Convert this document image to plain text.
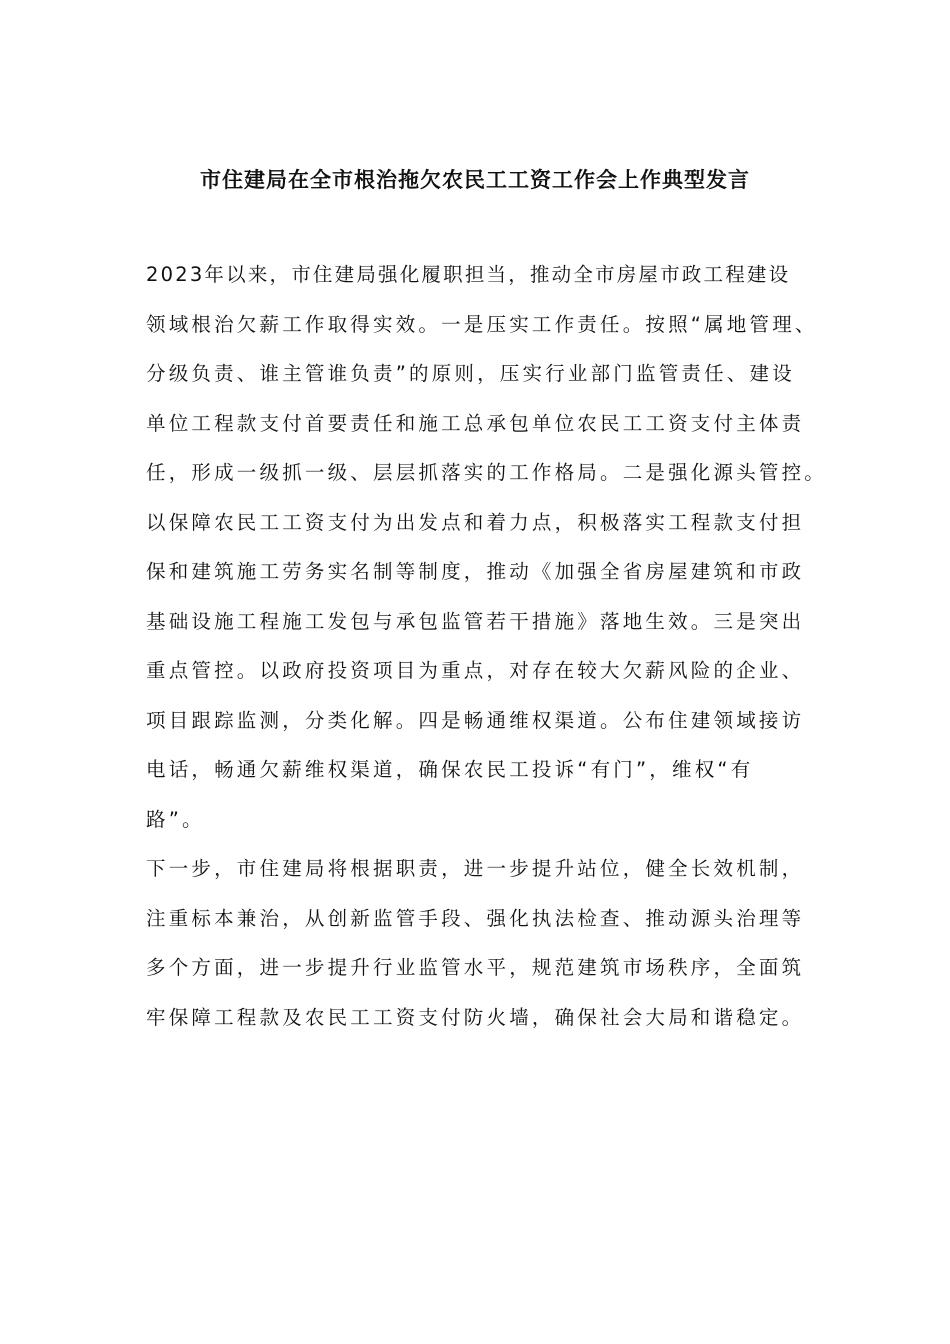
市住建局在全市根治拖欠农民工工资工作会上作典型发言
2023年以来，市住建局强化履职担当，推动全市房屋市政工程建设
领域根治欠薪工作取得实效。一是压实工作责任。按照“属地管理、
分级负责、谁主管谁负责”的原则，压实行业部门监管责任、建设
单位工程款支付首要责任和施工总承包单位农民工工资支付主体责
任，形成一级抓一级、层层抓落实的工作格局。二是强化源头管控。
以保障农民工工资支付为出发点和着力点，积极落实工程款支付担
保和建筑施工劳务实名制等制度，推动《加强全省房屋建筑和市政
基础设施工程施工发包与承包监管若干措施》落地生效。三是突出
重点管控。以政府投资项目为重点，对存在较大欠薪风险的企业、
项目跟踪监测，分类化解。四是畅通维权渠道。公布住建领域接访
电话，畅通欠薪维权渠道，确保农民工投诉“有门”，维权“有
路”。
下一步，市住建局将根据职责，进一步提升站位，健全长效机制，
注重标本兼治，从创新监管手段、强化执法检查、推动源头治理等
多个方面，进一步提升行业监管水平，规范建筑市场秩序，全面筑
牢保障工程款及农民工工资支付防火墙，确保社会大局和谐稳定。
